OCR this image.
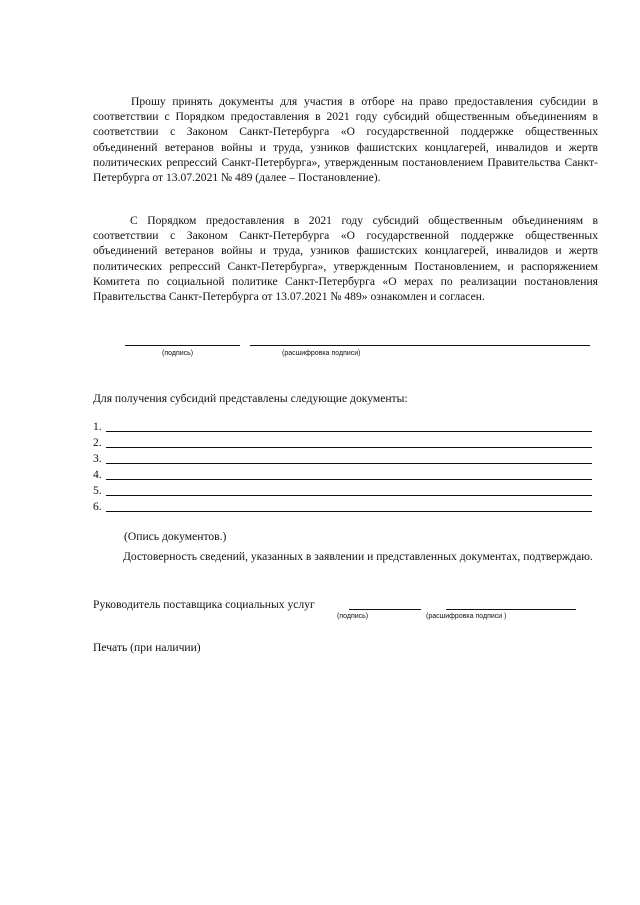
Прошу принять документы для участия в отборе на право предоставления субсидии в соответствии с Порядком предоставления в 2021 году субсидий общественным объединениям в соответствии с Законом Санкт-Петербурга «О государственной поддержке общественных объединений ветеранов войны и труда, узников фашистских концлагерей, инвалидов и жертв политических репрессий Санкт-Петербурга», утвержденным постановлением Правительства Санкт-Петербурга от 13.07.2021 № 489 (далее – Постановление).

С Порядком предоставления в 2021 году субсидий общественным объединениям в соответствии с Законом Санкт-Петербурга «О государственной поддержке общественных объединений ветеранов войны и труда, узников фашистских концлагерей, инвалидов и жертв политических репрессий Санкт-Петербурга», утвержденным Постановлением, и распоряжением Комитета по социальной политике Санкт-Петербурга «О мерах по реализации постановления Правительства Санкт-Петербурга от 13.07.2021 № 489» ознакомлен и согласен.

(подпись)	(расшифровка подписи)
Для получения субсидий представлены следующие документы:
1.
2.
3.
4.
5.
6.
(Опись документов.)

Достоверность сведений, указанных в заявлении и представленных документах, подтверждаю.

Руководитель поставщика социальных услуг
(подпись)	(расшифровка подписи )
Печать (при наличии)
